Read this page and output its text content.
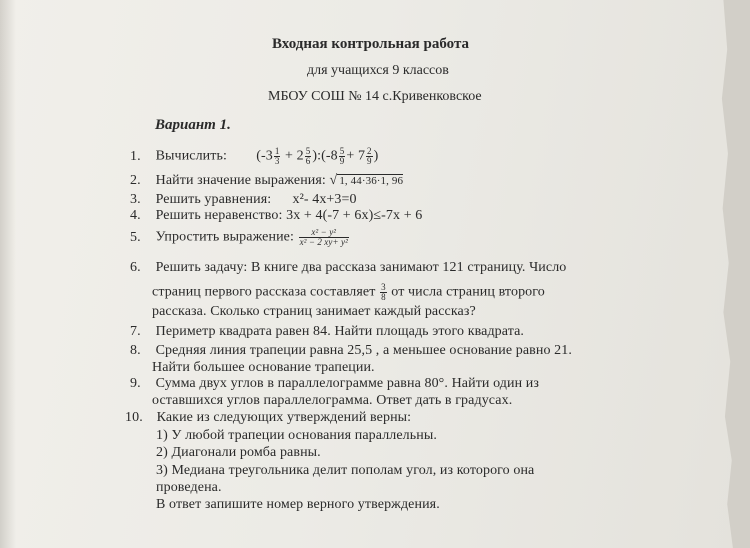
Входная контрольная работа
для учащихся 9 классов
МБОУ СОШ № 14 с.Кривенковское
Вариант 1.
1. Вычислить: ($-3 \frac{1}{3} + 2 \frac{5}{6}$ ):(-8 $\frac{5}{9} + 7 \frac{2}{9}$ )
2. Найти значение выражения: √ 1, 44·36·1, 96
3. Решить уравнения: x²- 4x+3=0
4. Решить неравенство: 3x + 4(-7 + 6x)≤-7x + 6
5. Упростить выражение: $\frac{\text{x² − y²}}{\text{x² − 2 xy+ y²}}$
6. Решить задачу: В книге два рассказа занимают 121 страницу. Число
страниц первого рассказа составляет $\frac{3}{8}$ от числа страниц второго
рассказа. Сколько страниц занимает каждый рассказ?
7. Периметр квадрата равен 84. Найти площадь этого квадрата.
8. Средняя линия трапеции равна 25,5 , а меньшее основание равно 21.
Найти большее основание трапеции.
9. Сумма двух углов в параллелограмме равна 80°. Найти один из
оставшихся углов параллелограмма. Ответ дать в градусах.
10. Какие из следующих утверждений верны:
1) У любой трапеции основания параллельны.
2) Диагонали ромба равны.
3) Медиана треугольника делит пополам угол, из которого она
проведена.
В ответ запишите номер верного утверждения.
